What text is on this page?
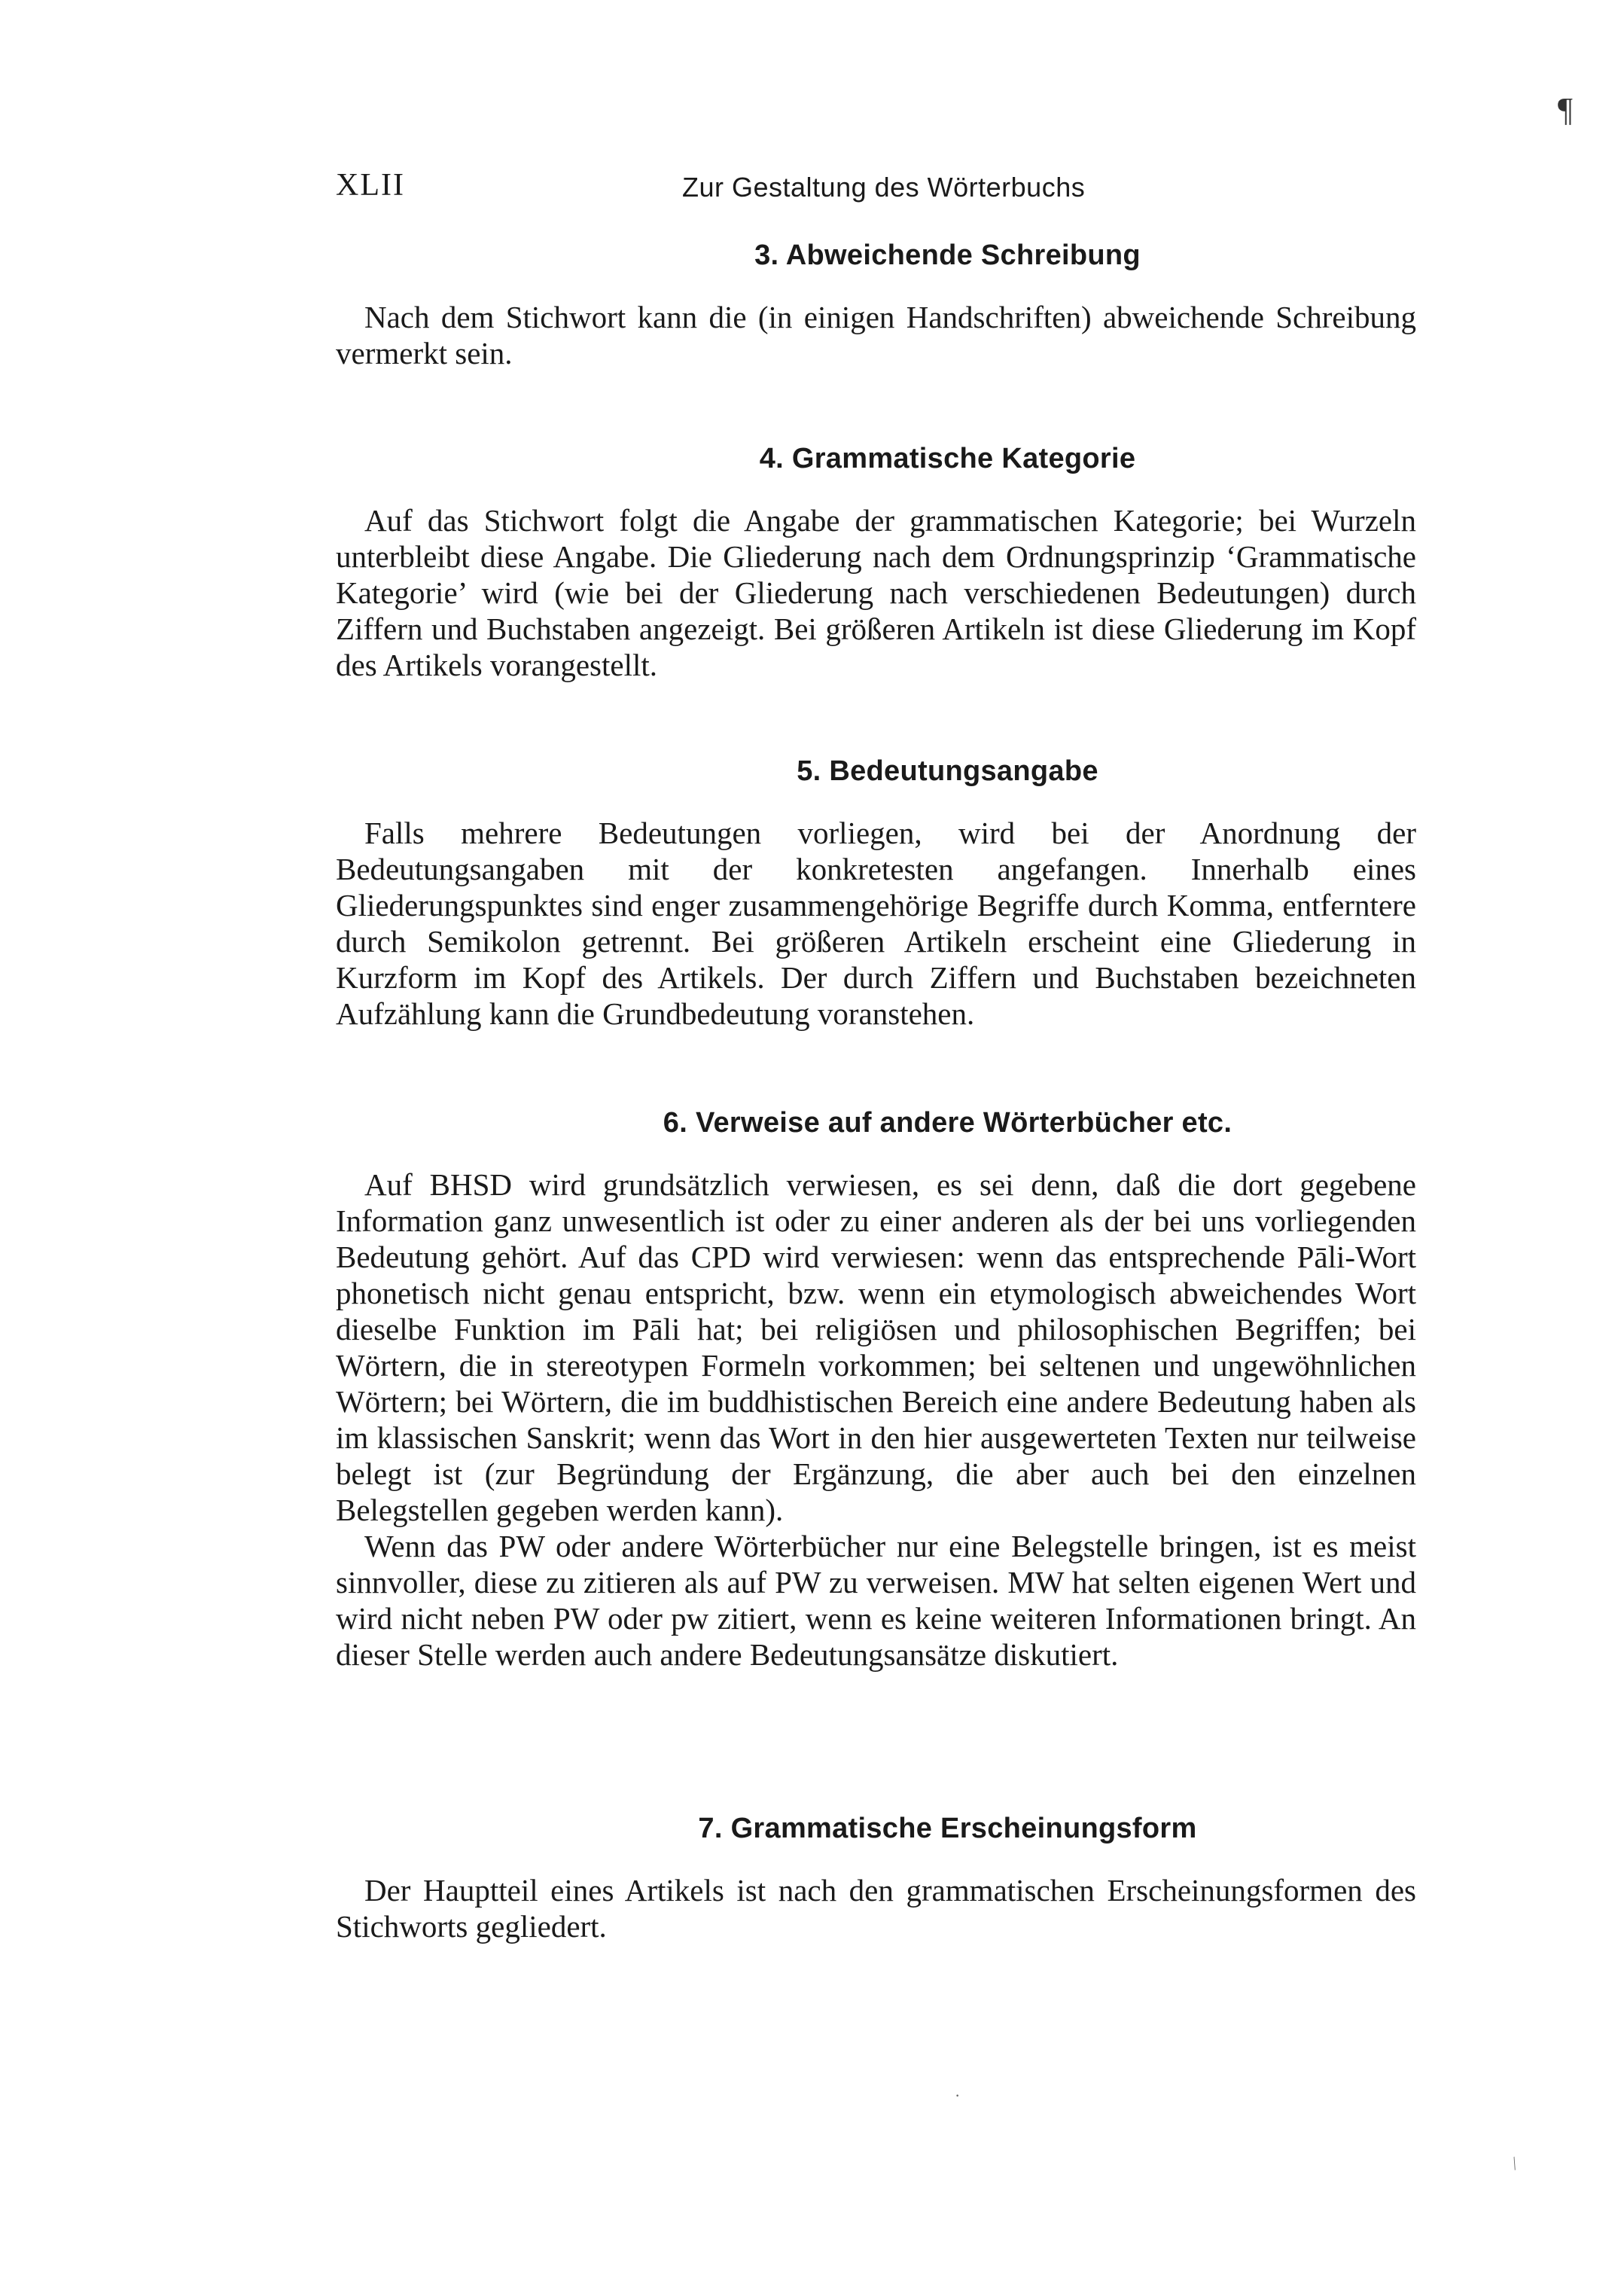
¶
XLII	Zur Gestaltung des Wörterbuchs
3. Abweichende Schreibung

Nach dem Stichwort kann die (in einigen Handschriften) abweichende Schreibung vermerkt sein.

4. Grammatische Kategorie

Auf das Stichwort folgt die Angabe der grammatischen Kategorie; bei Wurzeln unterbleibt diese Angabe. Die Gliederung nach dem Ordnungsprinzip ‘Grammatische Kategorie’ wird (wie bei der Gliederung nach verschiedenen Bedeutungen) durch Ziffern und Buchstaben angezeigt. Bei größeren Artikeln ist diese Gliederung im Kopf des Artikels vorangestellt.

5. Bedeutungsangabe

Falls mehrere Bedeutungen vorliegen, wird bei der Anordnung der Bedeutungsangaben mit der konkretesten angefangen. Innerhalb eines Gliederungspunktes sind enger zusammengehörige Begriffe durch Komma, entferntere durch Semikolon getrennt. Bei größeren Artikeln erscheint eine Gliederung in Kurzform im Kopf des Artikels. Der durch Ziffern und Buchstaben bezeichneten Aufzählung kann die Grundbedeutung voranstehen.

6. Verweise auf andere Wörterbücher etc.

Auf BHSD wird grundsätzlich verwiesen, es sei denn, daß die dort gegebene Information ganz unwesentlich ist oder zu einer anderen als der bei uns vorliegenden Bedeutung gehört. Auf das CPD wird verwiesen: wenn das entsprechende Pāli-Wort phonetisch nicht genau entspricht, bzw. wenn ein etymologisch abweichendes Wort dieselbe Funktion im Pāli hat; bei religiösen und philosophischen Begriffen; bei Wörtern, die in stereotypen Formeln vorkommen; bei seltenen und ungewöhnlichen Wörtern; bei Wörtern, die im buddhistischen Bereich eine andere Bedeutung haben als im klassischen Sanskrit; wenn das Wort in den hier ausgewerteten Texten nur teilweise belegt ist (zur Begründung der Ergänzung, die aber auch bei den einzelnen Belegstellen gegeben werden kann).

Wenn das PW oder andere Wörterbücher nur eine Belegstelle bringen, ist es meist sinnvoller, diese zu zitieren als auf PW zu verweisen. MW hat selten eigenen Wert und wird nicht neben PW oder pw zitiert, wenn es keine weiteren Informationen bringt. An dieser Stelle werden auch andere Bedeutungsansätze diskutiert.

7. Grammatische Erscheinungsform

Der Hauptteil eines Artikels ist nach den grammatischen Erscheinungsformen des Stichworts gegliedert.

·
⁄
